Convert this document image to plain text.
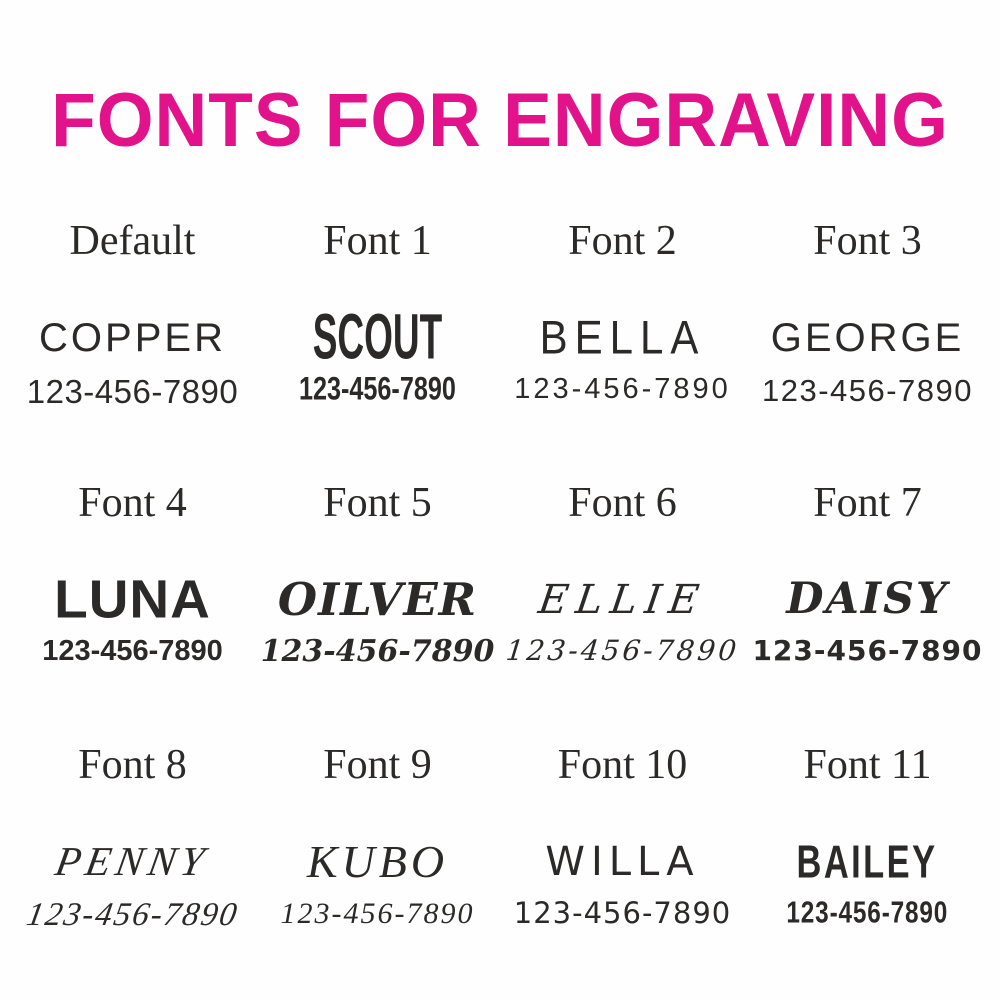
FONTS FOR ENGRAVING
Default
COPPER
123-456-7890
Font 1
SCOUT
123-456-7890
Font 2
BELLA
123-456-7890
Font 3
GEORGE
123-456-7890
Font 4
LUNA
123-456-7890
Font 5
OILVER
123-456-7890
Font 6
ELLIE
123-456-7890
Font 7
DAISY
123-456-7890
Font 8
PENNY
123-456-7890
Font 9
KUBO
123-456-7890
Font 10
WILLA
123-456-7890
Font 11
BAILEY
123-456-7890
